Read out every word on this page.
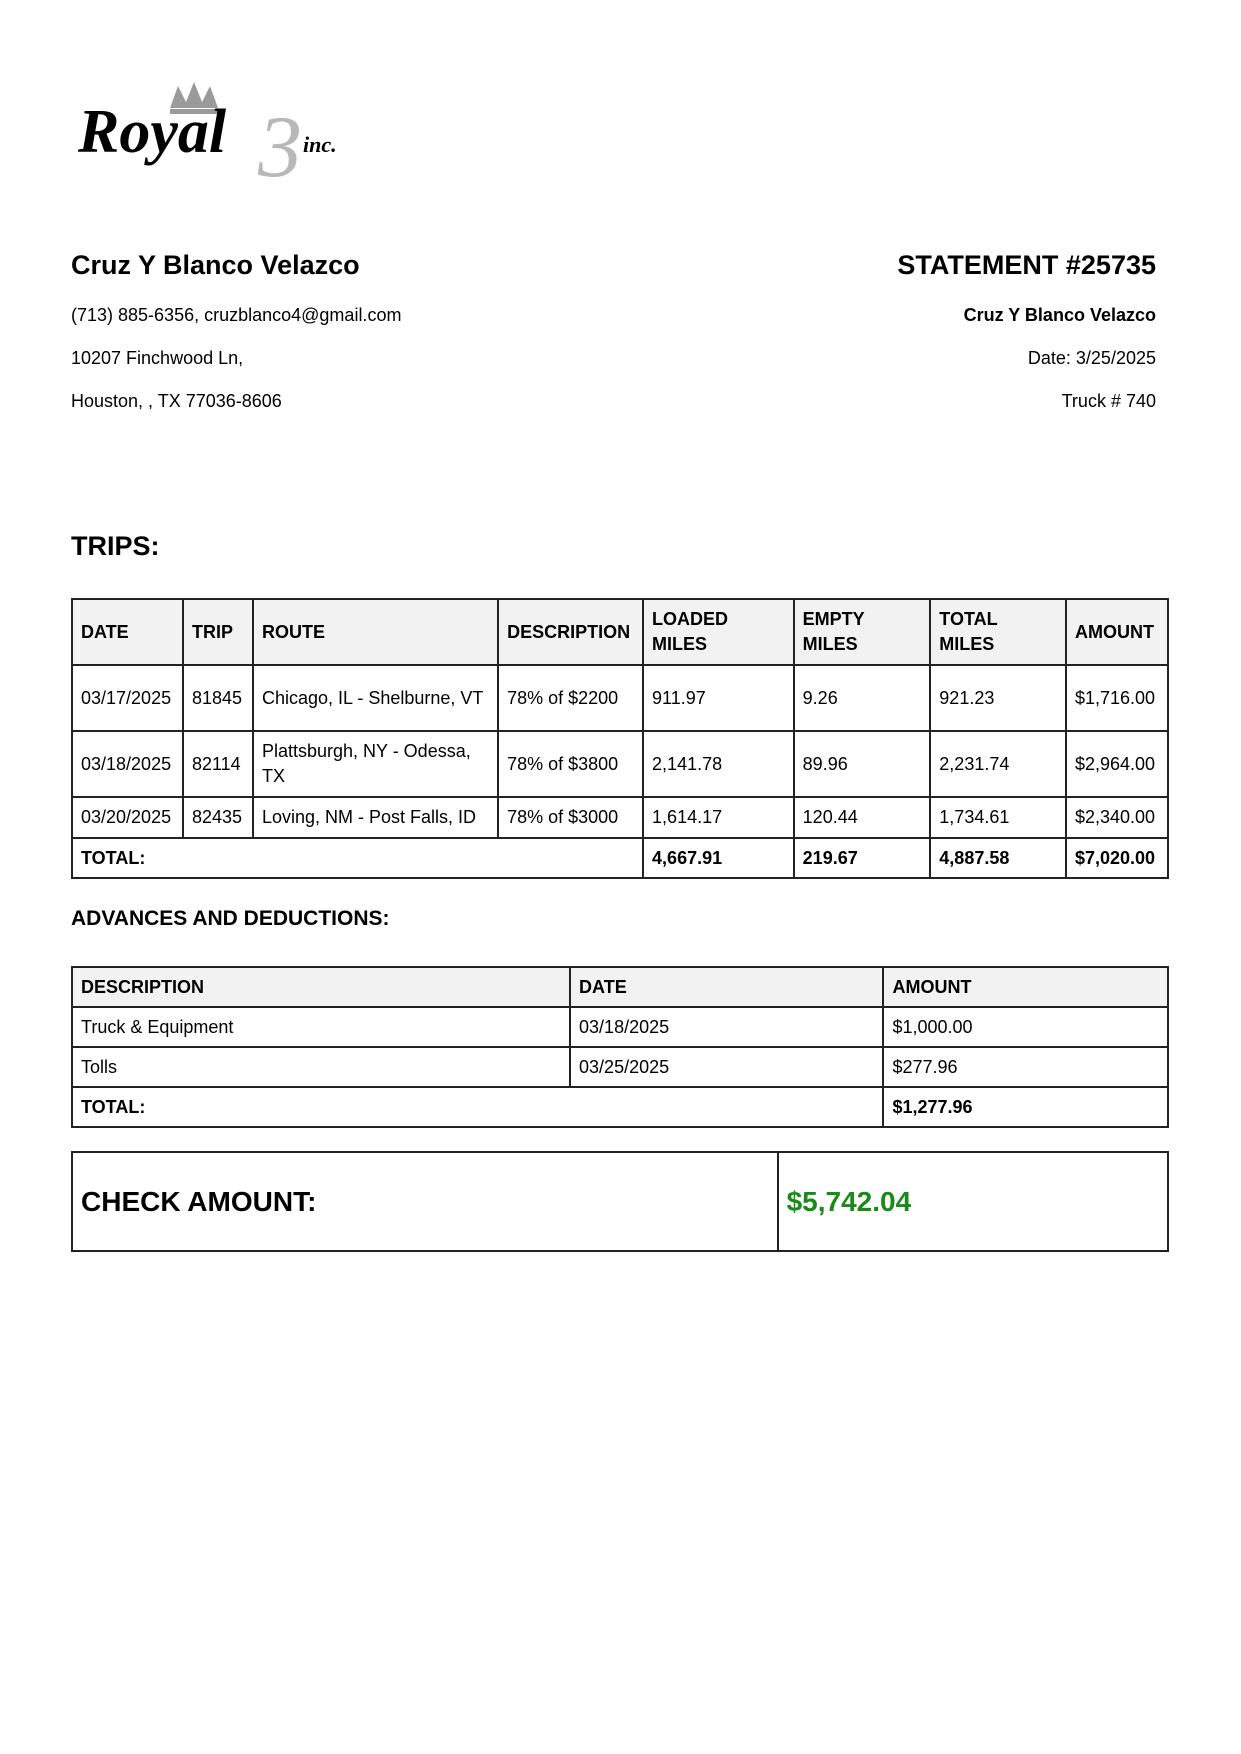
3
Royal	inc.
Cruz Y Blanco Velazco
(713) 885-6356, cruzblanco4@gmail.com
10207 Finchwood Ln,
Houston, , TX 77036-8606
STATEMENT #25735
Cruz Y Blanco Velazco
Date: 3/25/2025
Truck # 740
TRIPS:
DATE	TRIP	ROUTE	DESCRIPTION	LOADED MILES	EMPTY MILES	TOTAL MILES	AMOUNT
03/17/2025	81845	Chicago, IL - Shelburne, VT	78% of $2200	911.97	9.26	921.23	$1,716.00
03/18/2025	82114	Plattsburgh, NY - Odessa, TX	78% of $3800	2,141.78	89.96	2,231.74	$2,964.00
03/20/2025	82435	Loving, NM - Post Falls, ID	78% of $3000	1,614.17	120.44	1,734.61	$2,340.00
TOTAL:				4,667.91	219.67	4,887.58	$7,020.00
ADVANCES AND DEDUCTIONS:
DESCRIPTION	DATE	AMOUNT
Truck & Equipment	03/18/2025	$1,000.00
Tolls	03/25/2025	$277.96
TOTAL:		$1,277.96
CHECK AMOUNT:	$5,742.04
